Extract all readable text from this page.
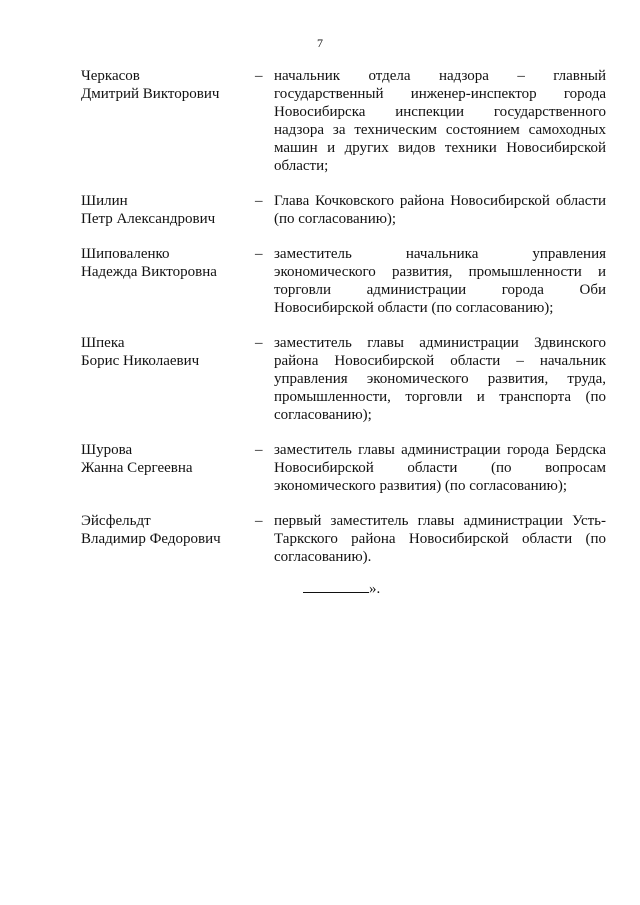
7
Черкасов
Дмитрий Викторович
– начальник отдела надзора – главный государственный инженер-инспектор города Новосибирска инспекции государственного надзора за техническим состоянием самоходных машин и других видов техники Новосибирской области;
Шилин
Петр Александрович
– Глава Кочковского района Новосибирской области (по согласованию);
Шиповаленко
Надежда Викторовна
– заместитель начальника управления экономического развития, промышленности и торговли администрации города Оби Новосибирской области (по согласованию);
Шпека
Борис Николаевич
– заместитель главы администрации Здвинского района Новосибирской области – начальник управления экономического развития, труда, промышленности, торговли и транспорта (по согласованию);
Шурова
Жанна Сергеевна
– заместитель главы администрации города Бердска Новосибирской области (по вопросам экономического развития) (по согласованию);
Эйсфельдт
Владимир Федорович
– первый заместитель главы администрации Усть-Таркского района Новосибирской области (по согласованию).
».
